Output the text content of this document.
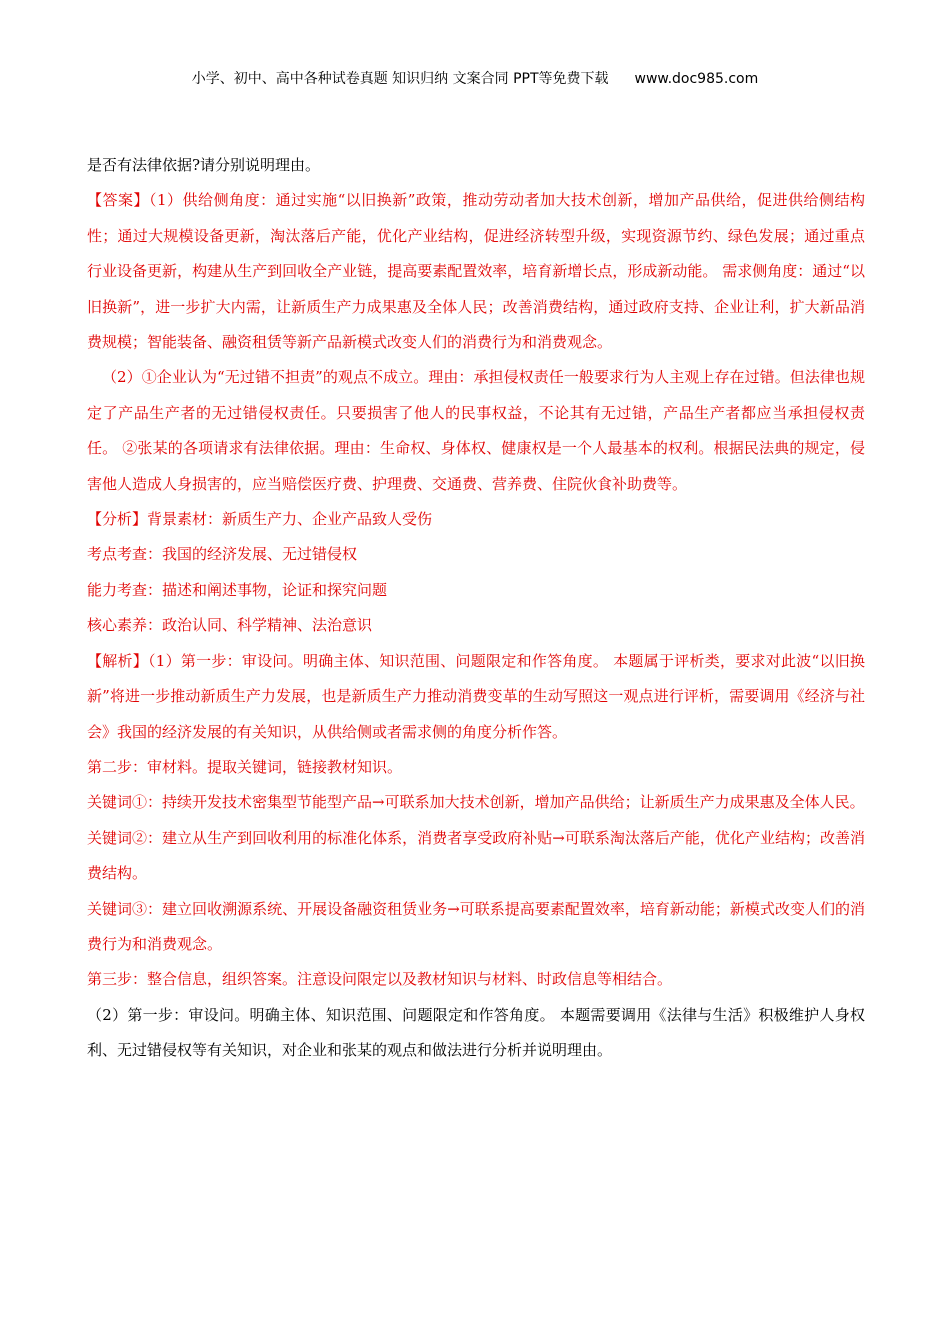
小学、初中、高中各种试卷真题 知识归纳 文案合同 PPT等免费下载 www.doc985.com

是否有法律依据?请分别说明理由。

【答案】（1）供给侧角度：通过实施“以旧换新”政策，推动劳动者加大技术创新，增加产品供给，促进供给侧结构性；通过大规模设备更新，淘汰落后产能，优化产业结构，促进经济转型升级，实现资源节约、绿色发展；通过重点行业设备更新，构建从生产到回收全产业链，提高要素配置效率，培育新增长点，形成新动能。 需求侧角度：通过“以旧换新”，进一步扩大内需，让新质生产力成果惠及全体人民；改善消费结构，通过政府支持、企业让利，扩大新品消费规模；智能装备、融资租赁等新产品新模式改变人们的消费行为和消费观念。

（2）①企业认为“无过错不担责”的观点不成立。理由：承担侵权责任一般要求行为人主观上存在过错。但法律也规定了产品生产者的无过错侵权责任。只要损害了他人的民事权益，不论其有无过错，产品生产者都应当承担侵权责任。 ②张某的各项请求有法律依据。理由：生命权、身体权、健康权是一个人最基本的权利。根据民法典的规定，侵害他人造成人身损害的，应当赔偿医疗费、护理费、交通费、营养费、住院伙食补助费等。

【分析】背景素材：新质生产力、企业产品致人受伤

考点考查：我国的经济发展、无过错侵权

能力考查：描述和阐述事物，论证和探究问题

核心素养：政治认同、科学精神、法治意识

【解析】（1）第一步：审设问。明确主体、知识范围、问题限定和作答角度。 本题属于评析类，要求对此波“以旧换新”将进一步推动新质生产力发展，也是新质生产力推动消费变革的生动写照这一观点进行评析，需要调用《经济与社会》我国的经济发展的有关知识，从供给侧或者需求侧的角度分析作答。

第二步：审材料。提取关键词，链接教材知识。

关键词①：持续开发技术密集型节能型产品→可联系加大技术创新，增加产品供给；让新质生产力成果惠及全体人民。

关键词②：建立从生产到回收利用的标准化体系，消费者享受政府补贴→可联系淘汰落后产能，优化产业结构；改善消费结构。

关键词③：建立回收溯源系统、开展设备融资租赁业务→可联系提高要素配置效率，培育新动能；新模式改变人们的消费行为和消费观念。

第三步：整合信息，组织答案。注意设问限定以及教材知识与材料、时政信息等相结合。

（2）第一步：审设问。明确主体、知识范围、问题限定和作答角度。 本题需要调用《法律与生活》积极维护人身权利、无过错侵权等有关知识，对企业和张某的观点和做法进行分析并说明理由。
